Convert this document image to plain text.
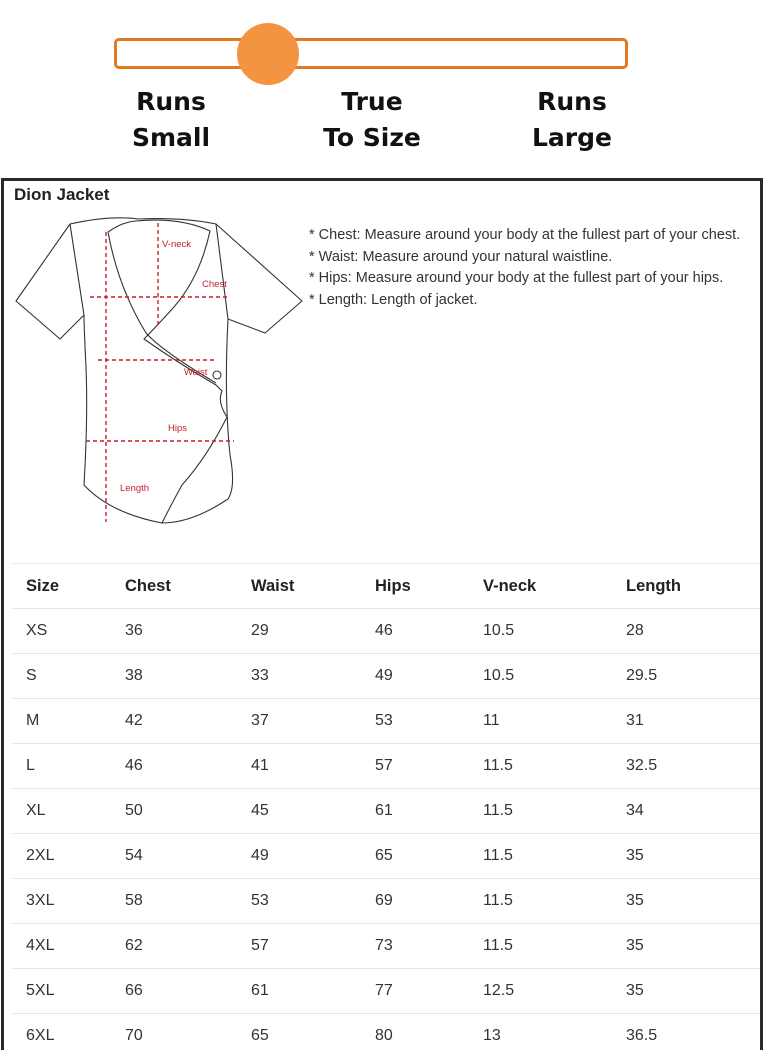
Runs
Small
True
To Size
Runs
Large
Dion Jacket
V-neck
Chest
Waist
Hips
Length
* Chest: Measure around your body at the fullest part of your chest.
* Waist: Measure around your natural waistline.
* Hips: Measure around your body at the fullest part of your hips.
* Length: Length of jacket.
Size	Chest	Waist	Hips	V-neck	Length
XS	36	29	46	10.5	28
S	38	33	49	10.5	29.5
M	42	37	53	11	31
L	46	41	57	11.5	32.5
XL	50	45	61	11.5	34
2XL	54	49	65	11.5	35
3XL	58	53	69	11.5	35
4XL	62	57	73	11.5	35
5XL	66	61	77	12.5	35
6XL	70	65	80	13	36.5
